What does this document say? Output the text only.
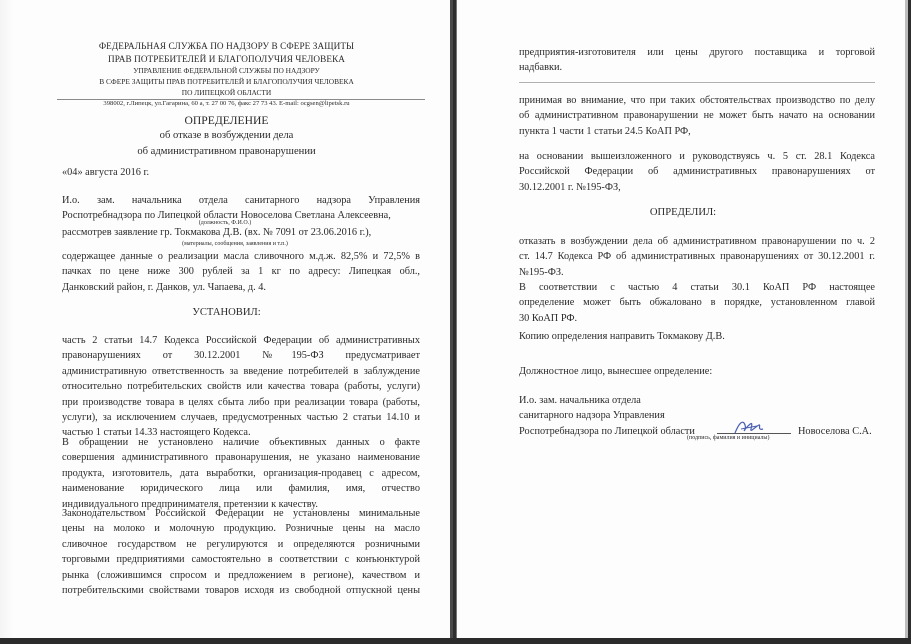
ФЕДЕРАЛЬНАЯ СЛУЖБА ПО НАДЗОРУ В СФЕРЕ ЗАЩИТЫ
ПРАВ ПОТРЕБИТЕЛЕЙ И БЛАГОПОЛУЧИЯ ЧЕЛОВЕКА
УПРАВЛЕНИЕ ФЕДЕРАЛЬНОЙ СЛУЖБЫ ПО НАДЗОРУ
В СФЕРЕ ЗАЩИТЫ ПРАВ ПОТРЕБИТЕЛЕЙ И БЛАГОПОЛУЧИЯ ЧЕЛОВЕКА
ПО ЛИПЕЦКОЙ ОБЛАСТИ
398002, г.Липецк, ул.Гагарина, 60 а, т. 27 00 76, факс 27 73 43. E-mail: ocgsen@lipetsk.ru
ОПРЕДЕЛЕНИЕ
об отказе в возбуждении дела
об административном правонарушении
«04» августа 2016 г.
И.о. зам. начальника отдела санитарного надзора Управления
Роспотребнадзора по Липецкой области Новоселова Светлана Алексеевна,
(должность, Ф.И.О.)
рассмотрев заявление гр. Токмакова Д.В. (вх. № 7091 от 23.06.2016 г.),
(материалы, сообщения, заявления и т.п.)
содержащее данные о реализации масла сливочного м.д.ж. 82,5% и 72,5% в
пачках по цене ниже 300 рублей за 1 кг по адресу: Липецкая обл.,
Данковский район, г. Данков, ул. Чапаева, д. 4.
УСТАНОВИЛ:
часть 2 статьи 14.7 Кодекса Российской Федерации об административных
правонарушениях от 30.12.2001 №195-ФЗ предусматривает
административную ответственность за введение потребителей в заблуждение
относительно потребительских свойств или качества товара (работы, услуги)
при производстве товара в целях сбыта либо при реализации товара (работы,
услуги), за исключением случаев, предусмотренных частью 2 статьи 14.10 и
частью 1 статьи 14.33 настоящего Кодекса.
В обращении не установлено наличие объективных данных о факте
совершения административного правонарушения, не указано наименование
продукта, изготовитель, дата выработки, организация-продавец с адресом,
наименование юридического лица или фамилия, имя, отчество
индивидуального предпринимателя, претензии к качеству.
Законодательством Российской Федерации не установлены минимальные
цены на молоко и молочную продукцию. Розничные цены на масло
сливочное государством не регулируются и определяются розничными
торговыми предприятиями самостоятельно в соответствии с конъюнктурой
рынка (сложившимся спросом и предложением в регионе), качеством и
потребительскими свойствами товаров исходя из свободной отпускной цены
предприятия-изготовителя или цены другого поставщика и торговой
надбавки.
принимая во внимание, что при таких обстоятельствах производство по делу
об административном правонарушении не может быть начато на основании
пункта 1 части 1 статьи 24.5 КоАП РФ,
на основании вышеизложенного и руководствуясь ч. 5 ст. 28.1 Кодекса
Российской Федерации об административных правонарушениях от
30.12.2001 г. №195-ФЗ,
ОПРЕДЕЛИЛ:
отказать в возбуждении дела об административном правонарушении по ч. 2
ст. 14.7 Кодекса РФ об административных правонарушениях от 30.12.2001 г.
№195-ФЗ.
В соответствии с частью 4 статьи 30.1 КоАП РФ настоящее
определение может быть обжаловано в порядке, установленном главой
30 КоАП РФ.
Копию определения направить Токмакову Д.В.
Должностное лицо, вынесшее определение:
И.о. зам. начальника отдела
санитарного надзора Управления
Роспотребнадзора по Липецкой области	Новоселова С.А.
(подпись, фамилия и инициалы)
